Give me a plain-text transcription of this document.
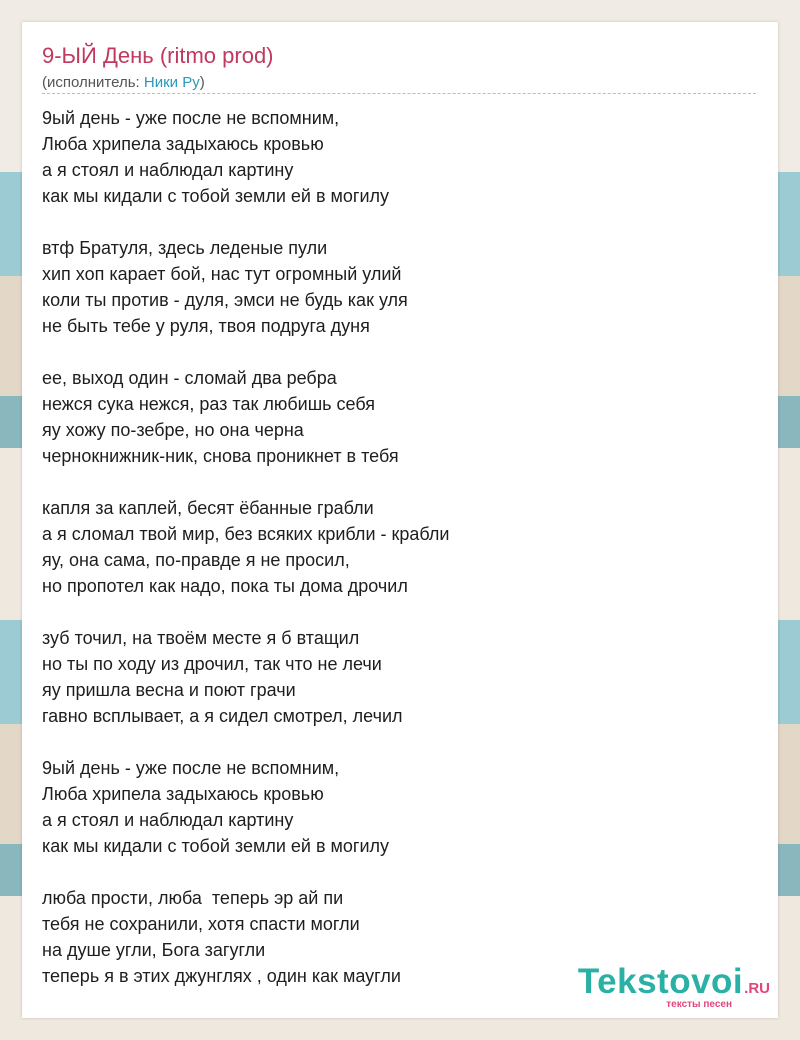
9-ЫЙ День (ritmo prod)
(исполнитель: Ники Ру)
9ый день - уже после не вспомним,
Люба хрипела задыхаюсь кровью
а я стоял и наблюдал картину
как мы кидали с тобой земли ей в могилу
втф Братуля, здесь леденые пули
хип хоп карает бой, нас тут огромный улий
коли ты против - дуля, эмси не будь как уля
не быть тебе у руля, твоя подруга дуня
ее, выход один - сломай два ребра
нежся сука нежся, раз так любишь себя
яу хожу по-зебре, но она черна
чернокнижник-ник, снова проникнет в тебя
капля за каплей, бесят ёбанные грабли
а я сломал твой мир, без всяких крибли - крабли
яу, она сама, по-правде я не просил,
но пропотел как надо, пока ты дома дрочил
зуб точил, на твоём месте я б втащил
но ты по ходу из дрочил, так что не лечи
яу пришла весна и поют грачи
гавно всплывает, а я сидел смотрел, лечил
9ый день - уже после не вспомним,
Люба хрипела задыхаюсь кровью
а я стоял и наблюдал картину
как мы кидали с тобой земли ей в могилу
люба прости, люба  теперь эр ай пи
тебя не сохранили, хотя спасти могли
на душе угли, Бога загугли
теперь я в этих джунглях , один как маугли	Tekstovoi.RU
тексты песен
